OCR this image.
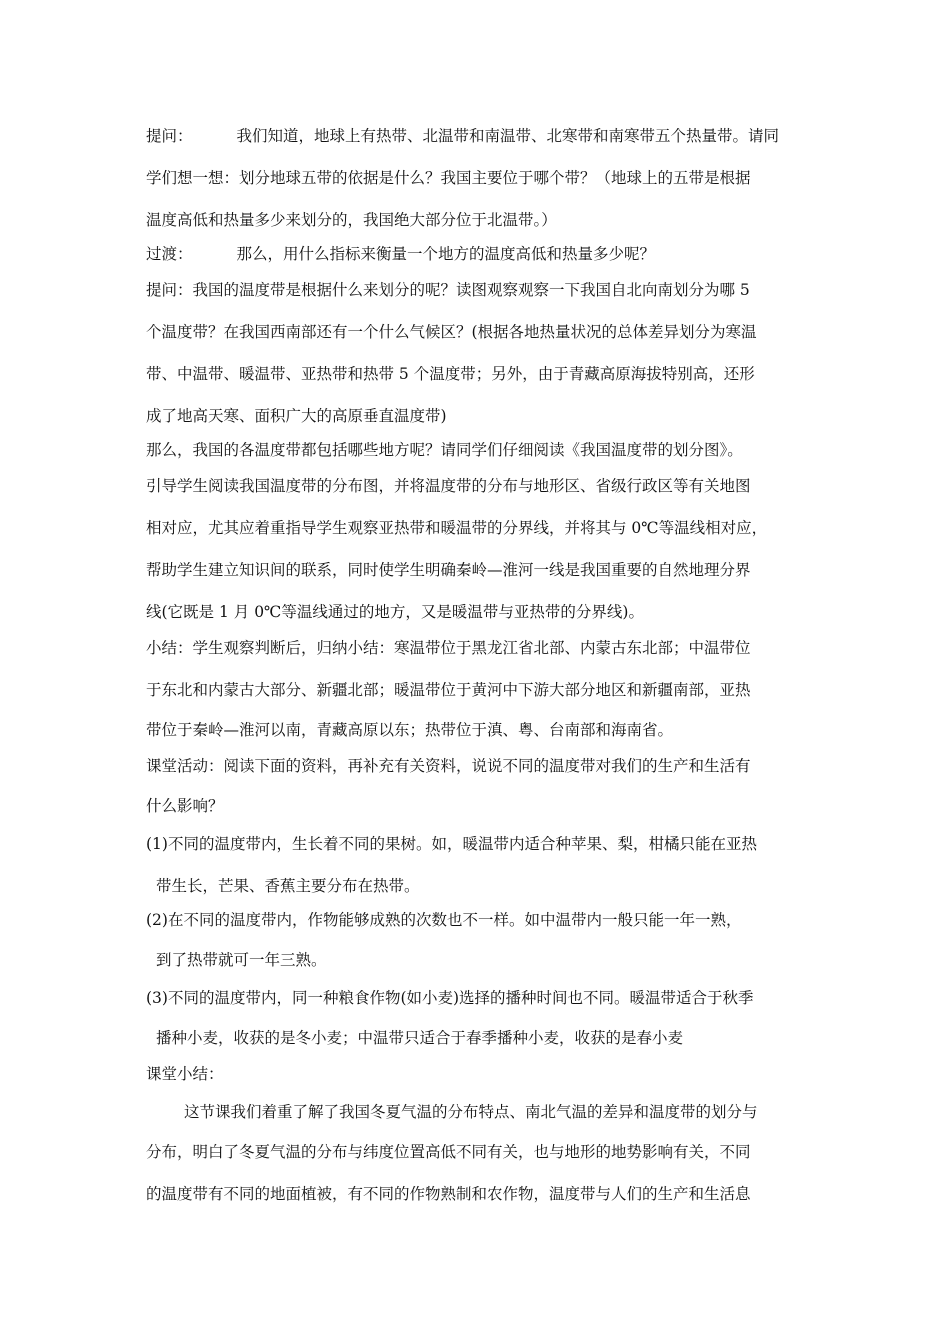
提问：	我们知道，地球上有热带、北温带和南温带、北寒带和南寒带五个热量带。请同
学们想一想：划分地球五带的依据是什么？我国主要位于哪个带？（地球上的五带是根据
温度高低和热量多少来划分的，我国绝大部分位于北温带。）
过渡：	那么，用什么指标来衡量一个地方的温度高低和热量多少呢？
提问：我国的温度带是根据什么来划分的呢？读图观察观察一下我国自北向南划分为哪 5
个温度带？在我国西南部还有一个什么气候区？(根据各地热量状况的总体差异划分为寒温
带、中温带、暖温带、亚热带和热带 5 个温度带；另外，由于青藏高原海拔特别高，还形
成了地高天寒、面积广大的高原垂直温度带)
那么，我国的各温度带都包括哪些地方呢？请同学们仔细阅读《我国温度带的划分图》。
引导学生阅读我国温度带的分布图，并将温度带的分布与地形区、省级行政区等有关地图
相对应，尤其应着重指导学生观察亚热带和暖温带的分界线，并将其与 0℃等温线相对应，
帮助学生建立知识间的联系，同时使学生明确秦岭—淮河一线是我国重要的自然地理分界
线(它既是 1 月 0℃等温线通过的地方，又是暖温带与亚热带的分界线)。
小结：学生观察判断后，归纳小结：寒温带位于黑龙江省北部、内蒙古东北部；中温带位
于东北和内蒙古大部分、新疆北部；暖温带位于黄河中下游大部分地区和新疆南部，亚热
带位于秦岭—淮河以南，青藏高原以东；热带位于滇、粤、台南部和海南省。
课堂活动：阅读下面的资料，再补充有关资料，说说不同的温度带对我们的生产和生活有
什么影响？
(1)不同的温度带内，生长着不同的果树。如，暖温带内适合种苹果、梨，柑橘只能在亚热
带生长，芒果、香蕉主要分布在热带。
(2)在不同的温度带内，作物能够成熟的次数也不一样。如中温带内一般只能一年一熟，
到了热带就可一年三熟。
(3)不同的温度带内，同一种粮食作物(如小麦)选择的播种时间也不同。暖温带适合于秋季
播种小麦，收获的是冬小麦；中温带只适合于春季播种小麦，收获的是春小麦
课堂小结：
这节课我们着重了解了我国冬夏气温的分布特点、南北气温的差异和温度带的划分与
分布，明白了冬夏气温的分布与纬度位置高低不同有关，也与地形的地势影响有关，不同
的温度带有不同的地面植被，有不同的作物熟制和农作物，温度带与人们的生产和生活息
